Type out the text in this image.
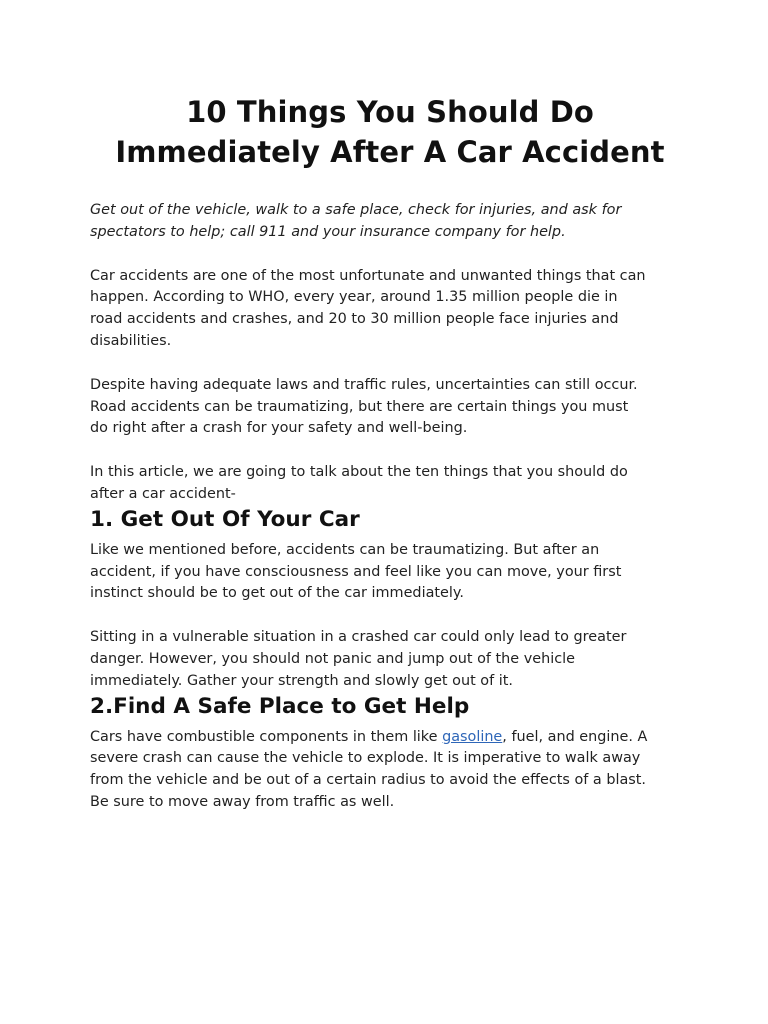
10 Things You Should Do
Immediately After A Car Accident

Get out of the vehicle, walk to a safe place, check for injuries, and ask for
spectators to help; call 911 and your insurance company for help.

Car accidents are one of the most unfortunate and unwanted things that can
happen. According to WHO, every year, around 1.35 million people die in
road accidents and crashes, and 20 to 30 million people face injuries and
disabilities.

Despite having adequate laws and traffic rules, uncertainties can still occur.
Road accidents can be traumatizing, but there are certain things you must
do right after a crash for your safety and well-being.

In this article, we are going to talk about the ten things that you should do
after a car accident-

1. Get Out Of Your Car

Like we mentioned before, accidents can be traumatizing. But after an
accident, if you have consciousness and feel like you can move, your first
instinct should be to get out of the car immediately.

Sitting in a vulnerable situation in a crashed car could only lead to greater
danger. However, you should not panic and jump out of the vehicle
immediately. Gather your strength and slowly get out of it.

2.Find A Safe Place to Get Help

Cars have combustible components in them like gasoline, fuel, and engine. A
severe crash can cause the vehicle to explode. It is imperative to walk away
from the vehicle and be out of a certain radius to avoid the effects of a blast.
Be sure to move away from traffic as well.
